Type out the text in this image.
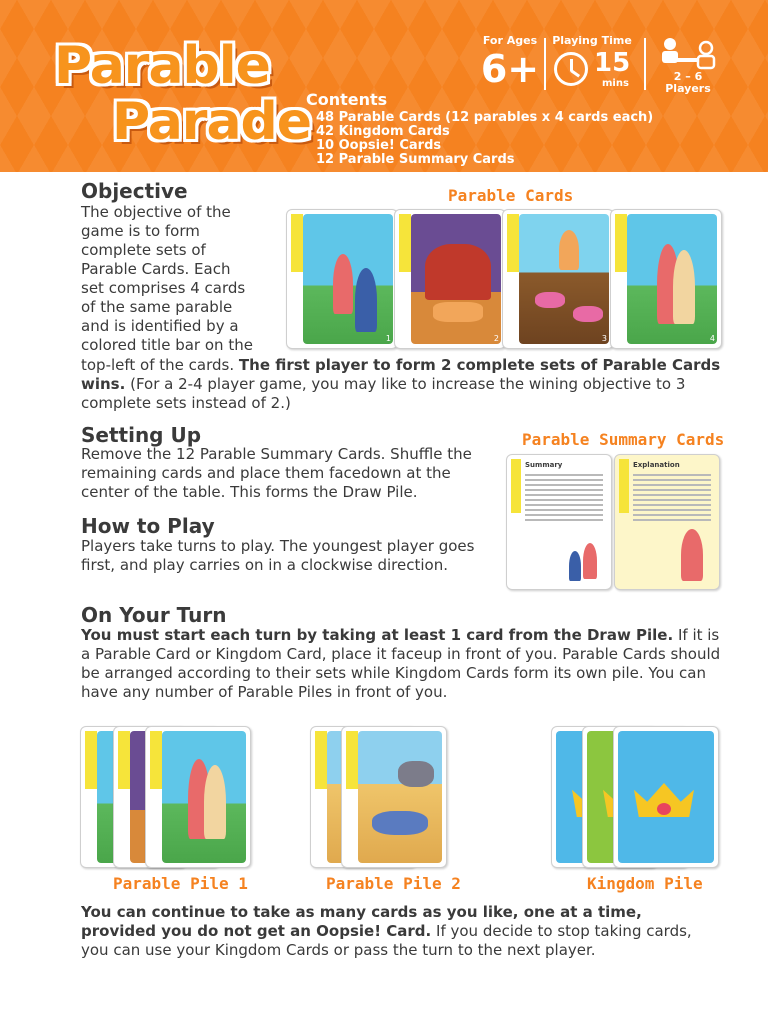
Parable
Parade
For Ages
6+
Playing Time
15
mins
2 – 6
Players
Contents
48 Parable Cards (12 parables x 4 cards each)
42 Kingdom Cards
10 Oopsie! Cards
12 Parable Summary Cards
Objective
The objective of the
game is to form
complete sets of
Parable Cards. Each
set comprises 4 cards
of the same parable
and is identified by a
colored title bar on the

top-left of the cards. The first player to form 2 complete sets of Parable Cards wins. (For a 2-4 player game, you may like to increase the wining objective to 3 complete sets instead of 2.)

Parable Cards
1	2	3	4
Setting Up

Remove the 12 Parable Summary Cards. Shuffle the remaining cards and place them facedown at the center of the table. This forms the Draw Pile.

Parable Summary Cards
Summary	Explanation
How to Play

Players take turns to play. The youngest player goes first, and play carries on in a clockwise direction.

On Your Turn

You must start each turn by taking at least 1 card from the Draw Pile. If it is a Parable Card or Kingdom Card, place it faceup in front of you. Parable Cards should be arranged according to their sets while Kingdom Cards form its own pile. You can have any number of Parable Piles in front of you.

Parable Pile 1	Parable Pile 2	Kingdom Pile

You can continue to take as many cards as you like, one at a time, provided you do not get an Oopsie! Card. If you decide to stop taking cards, you can use your Kingdom Cards or pass the turn to the next player.
